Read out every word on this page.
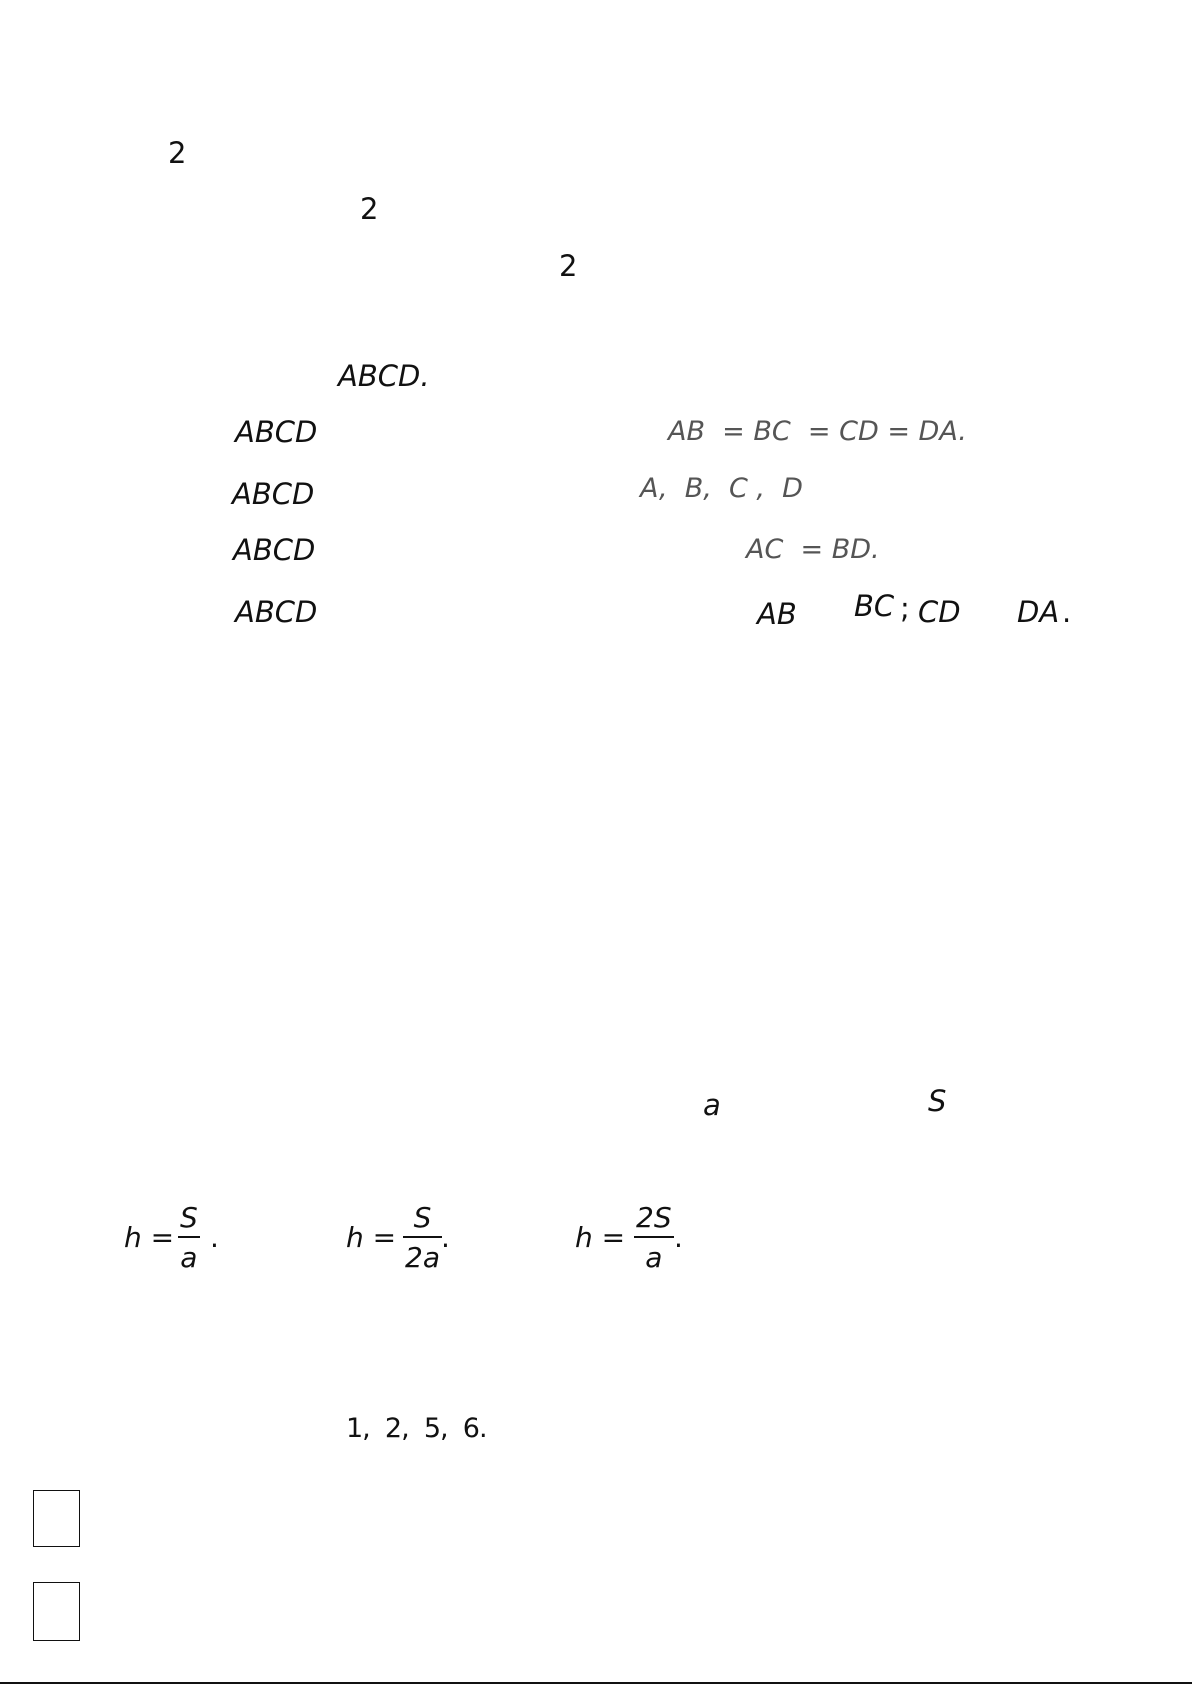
2
2
2
ABCD.
ABCD	AB  = BC  = CD = DA.
ABCD	A,  B,  C ,  D
ABCD	AC  = BD.
ABCD	AB BC ; CD DA .
a	S
h =
S
a
.	h =
S
2a
.	h =
2S
a
.
1,  2,  5,  6.
